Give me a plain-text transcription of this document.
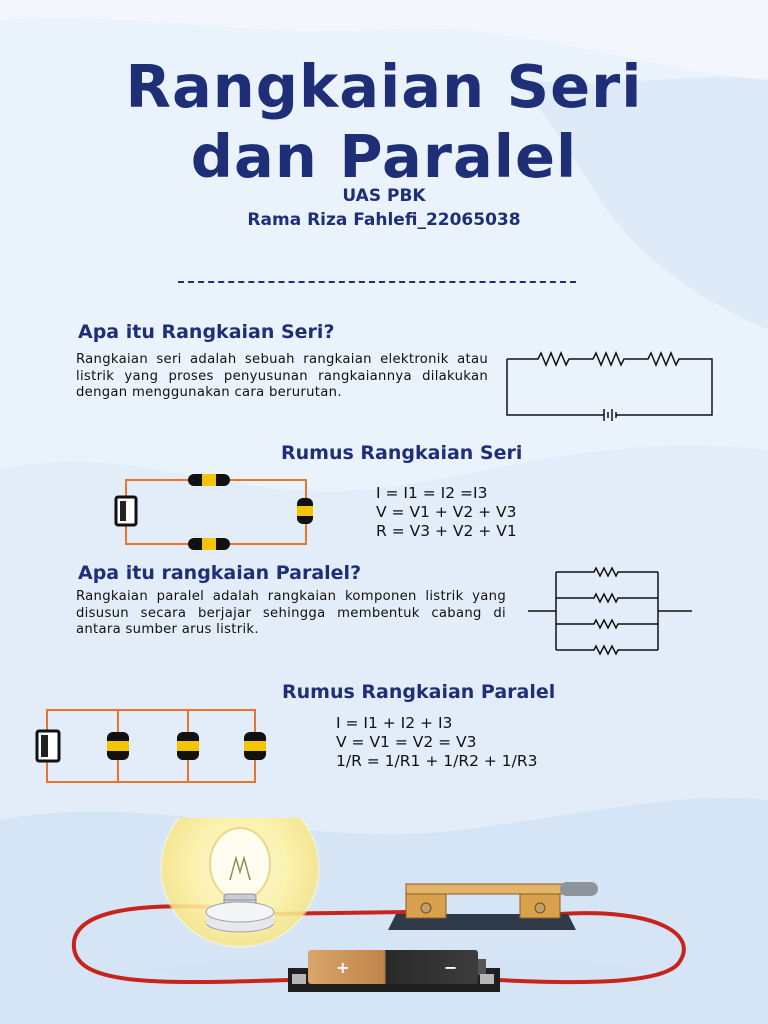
Rangkaian Seri
dan Paralel
UAS PBK
Rama Riza Fahlefi_22065038
Apa itu Rangkaian Seri?
Rangkaian seri adalah sebuah rangkaian elektronik atau listrik yang proses penyusunan rangkaiannya dilakukan dengan menggunakan cara berurutan.
Rumus Rangkaian Seri
I = I1 = I2 =I3
V = V1 + V2 + V3
R = V3 + V2 + V1
Apa itu rangkaian Paralel?
Rangkaian paralel adalah rangkaian komponen listrik yang disusun secara berjajar sehingga membentuk cabang di antara sumber arus listrik.
Rumus Rangkaian Paralel
I = I1 + I2 + I3
V = V1 = V2 = V3
1/R = 1/R1 + 1/R2 + 1/R3
+	−
